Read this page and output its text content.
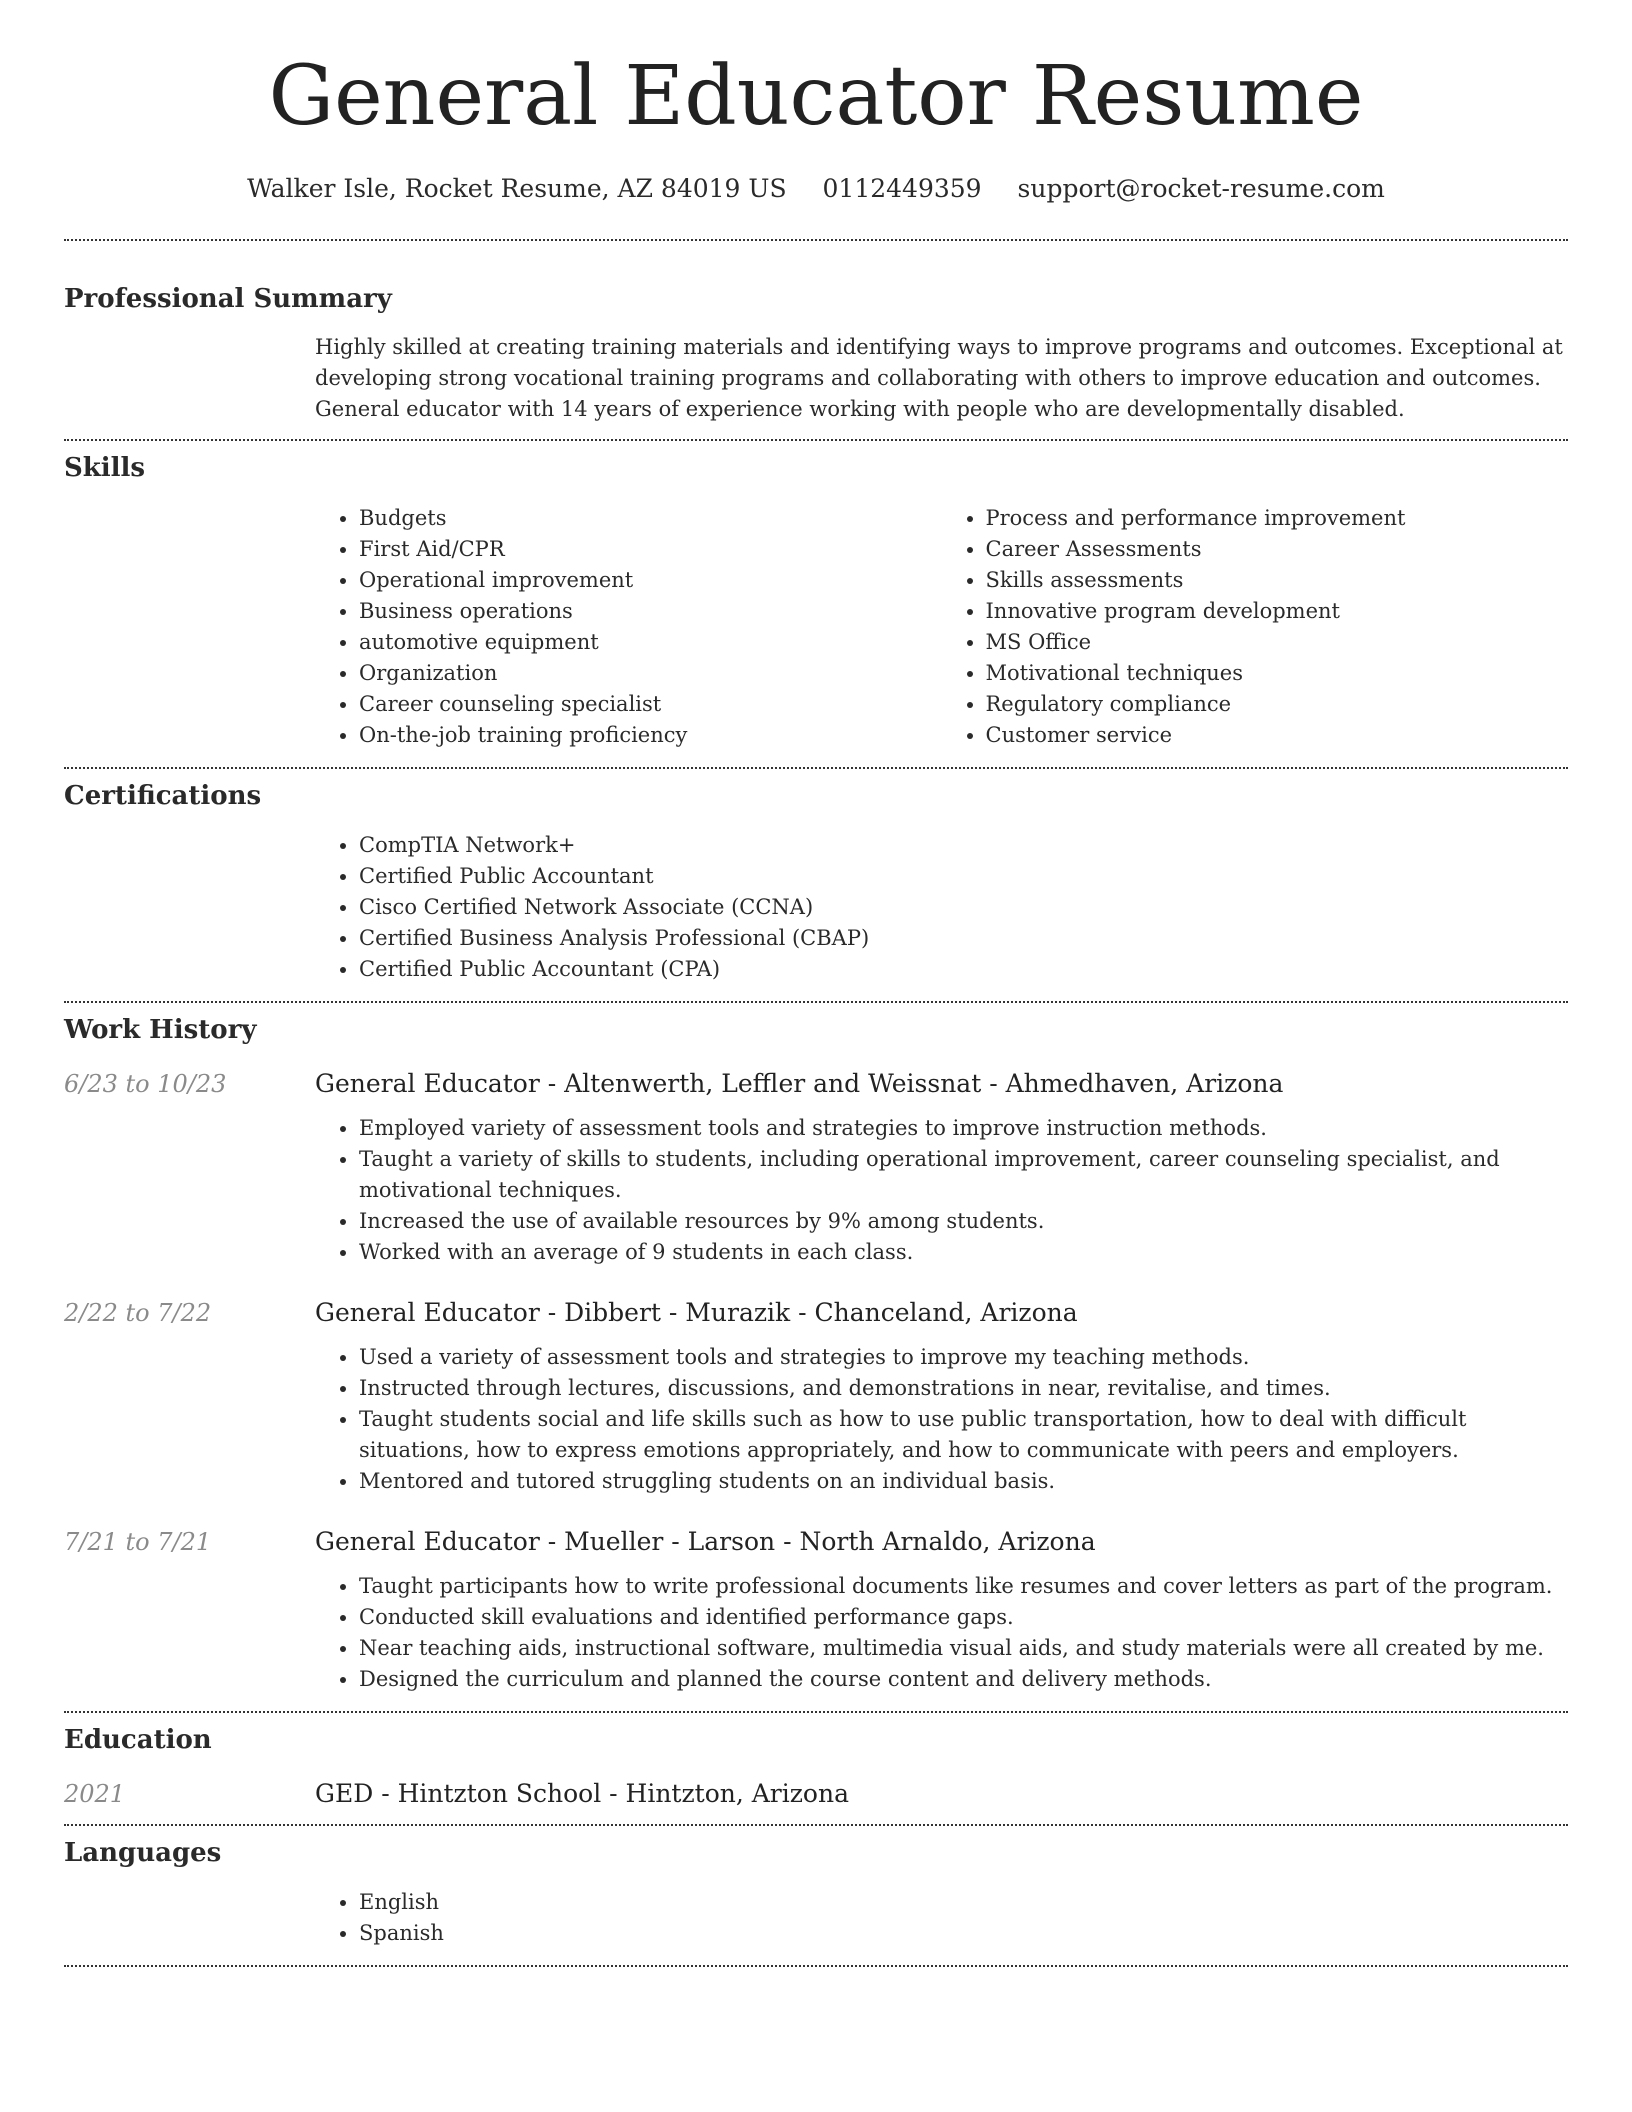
General Educator Resume
Walker Isle, Rocket Resume, AZ 84019 US 0112449359 support@rocket-resume.com
Professional Summary
Highly skilled at creating training materials and identifying ways to improve programs and outcomes. Exceptional at developing strong vocational training programs and collaborating with others to improve education and outcomes. General educator with 14 years of experience working with people who are developmentally disabled.
Skills
• Budgets
• First Aid/CPR
• Operational improvement
• Business operations
• automotive equipment
• Organization
• Career counseling specialist
• On-the-job training proficiency
• Process and performance improvement
• Career Assessments
• Skills assessments
• Innovative program development
• MS Office
• Motivational techniques
• Regulatory compliance
• Customer service
Certifications
• CompTIA Network+
• Certified Public Accountant
• Cisco Certified Network Associate (CCNA)
• Certified Business Analysis Professional (CBAP)
• Certified Public Accountant (CPA)
Work History
6/23 to 10/23	General Educator - Altenwerth, Leffler and Weissnat - Ahmedhaven, Arizona
• Employed variety of assessment tools and strategies to improve instruction methods.
• Taught a variety of skills to students, including operational improvement, career counseling specialist, and motivational techniques.
• Increased the use of available resources by 9% among students.
• Worked with an average of 9 students in each class.
2/22 to 7/22	General Educator - Dibbert - Murazik - Chanceland, Arizona
• Used a variety of assessment tools and strategies to improve my teaching methods.
• Instructed through lectures, discussions, and demonstrations in near, revitalise, and times.
• Taught students social and life skills such as how to use public transportation, how to deal with difficult situations, how to express emotions appropriately, and how to communicate with peers and employers.
• Mentored and tutored struggling students on an individual basis.
7/21 to 7/21	General Educator - Mueller - Larson - North Arnaldo, Arizona
• Taught participants how to write professional documents like resumes and cover letters as part of the program.
• Conducted skill evaluations and identified performance gaps.
• Near teaching aids, instructional software, multimedia visual aids, and study materials were all created by me.
• Designed the curriculum and planned the course content and delivery methods.
Education
2021	GED - Hintzton School - Hintzton, Arizona
Languages
• English
• Spanish
